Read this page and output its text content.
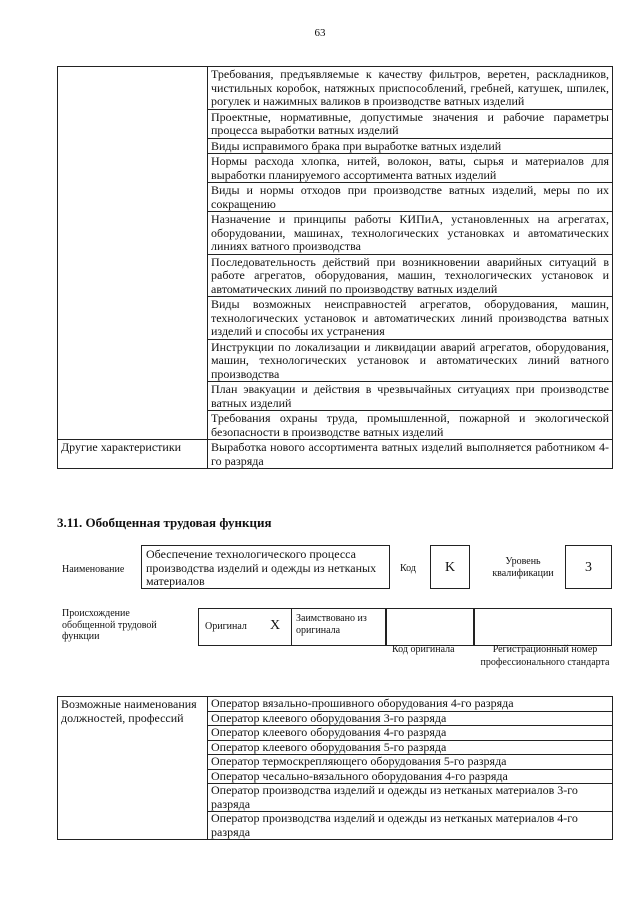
63
	Требования, предъявляемые к качеству фильтров, веретен, раскладников, чистильных коробок, натяжных приспособлений, гребней, катушек, шпилек, рогулек и нажимных валиков в производстве ватных изделий
	Проектные, нормативные, допустимые значения и рабочие параметры процесса выработки ватных изделий
	Виды исправимого брака при выработке ватных изделий
	Нормы расхода хлопка, нитей, волокон, ваты, сырья и материалов для выработки планируемого ассортимента ватных изделий
	Виды и нормы отходов при производстве ватных изделий, меры по их сокращению
	Назначение и принципы работы КИПиА, установленных на агрегатах, оборудовании, машинах, технологических установках и автоматических линиях ватного производства
	Последовательность действий при возникновении аварийных ситуаций в работе агрегатов, оборудования, машин, технологических установок и автоматических линий по производству ватных изделий
	Виды возможных неисправностей агрегатов, оборудования, машин, технологических установок и автоматических линий производства ватных изделий и способы их устранения
	Инструкции по локализации и ликвидации аварий агрегатов, оборудования, машин, технологических установок и автоматических линий ватного производства
	План эвакуации и действия в чрезвычайных ситуациях при производстве ватных изделий
	Требования охраны труда, промышленной, пожарной и экологической безопасности в производстве ватных изделий
Другие характеристики	Выработка нового ассортимента ватных изделий выполняется работником 4-го разряда
3.11. Обобщенная трудовая функция
Наименование
Обеспечение технологического процесса производства изделий и одежды из нетканых материалов
Код	K	Уровень квалификации	3
Происхождение обобщенной трудовой функции
Оригинал X Заимствовано из оригинала
Код оригинала	Регистрационный номер профессионального стандарта
Возможные наименования должностей, профессий	
Оператор вязально-прошивного оборудования 4-го разряда
Оператор клеевого оборудования 3-го разряда
Оператор клеевого оборудования 4-го разряда
Оператор клеевого оборудования 5-го разряда
Оператор термоскрепляющего оборудования 5-го разряда
Оператор чесально-вязального оборудования 4-го разряда
Оператор производства изделий и одежды из нетканых материалов 3-го разряда
Оператор производства изделий и одежды из нетканых материалов 4-го разряда
